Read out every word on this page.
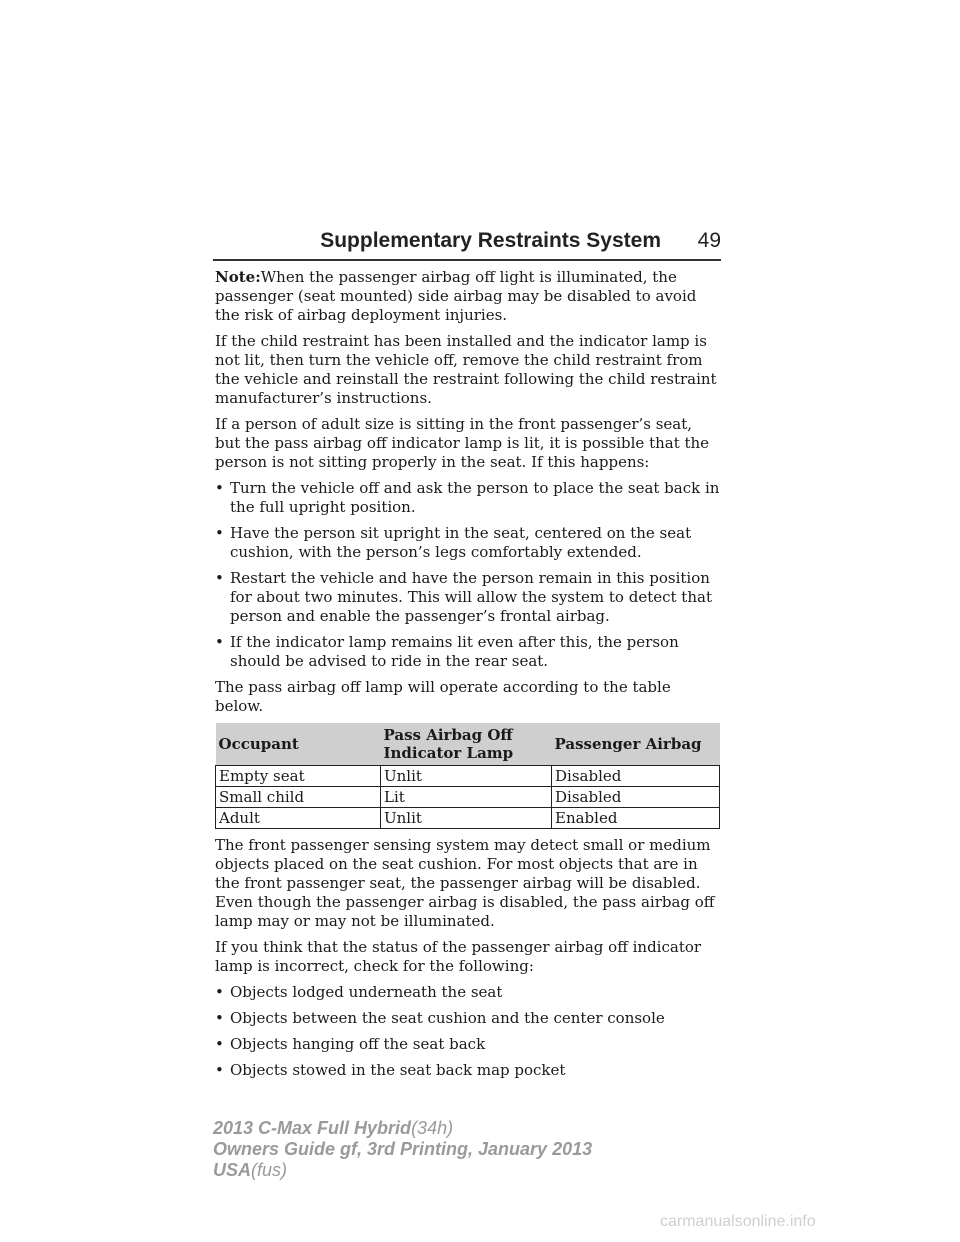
Supplementary Restraints System 49

Note:When the passenger airbag off light is illuminated, the passenger (seat mounted) side airbag may be disabled to avoid the risk of airbag deployment injuries.

If the child restraint has been installed and the indicator lamp is not lit, then turn the vehicle off, remove the child restraint from the vehicle and reinstall the restraint following the child restraint manufacturer’s instructions.

If a person of adult size is sitting in the front passenger’s seat, but the pass airbag off indicator lamp is lit, it is possible that the person is not sitting properly in the seat. If this happens:

• Turn the vehicle off and ask the person to place the seat back in the full upright position.
• Have the person sit upright in the seat, centered on the seat cushion, with the person’s legs comfortably extended.
• Restart the vehicle and have the person remain in this position for about two minutes. This will allow the system to detect that person and enable the passenger’s frontal airbag.
• If the indicator lamp remains lit even after this, the person should be advised to ride in the rear seat.

The pass airbag off lamp will operate according to the table below.

Occupant	Pass Airbag Off Indicator Lamp	Passenger Airbag
Empty seat	Unlit	Disabled
Small child	Lit	Disabled
Adult	Unlit	Enabled

The front passenger sensing system may detect small or medium objects placed on the seat cushion. For most objects that are in the front passenger seat, the passenger airbag will be disabled. Even though the passenger airbag is disabled, the pass airbag off lamp may or may not be illuminated.

If you think that the status of the passenger airbag off indicator lamp is incorrect, check for the following:

• Objects lodged underneath the seat
• Objects between the seat cushion and the center console
• Objects hanging off the seat back
• Objects stowed in the seat back map pocket
2013 C-Max Full Hybrid(34h)
Owners Guide gf, 3rd Printing, January 2013
USA(fus)
carmanualsonline.info
